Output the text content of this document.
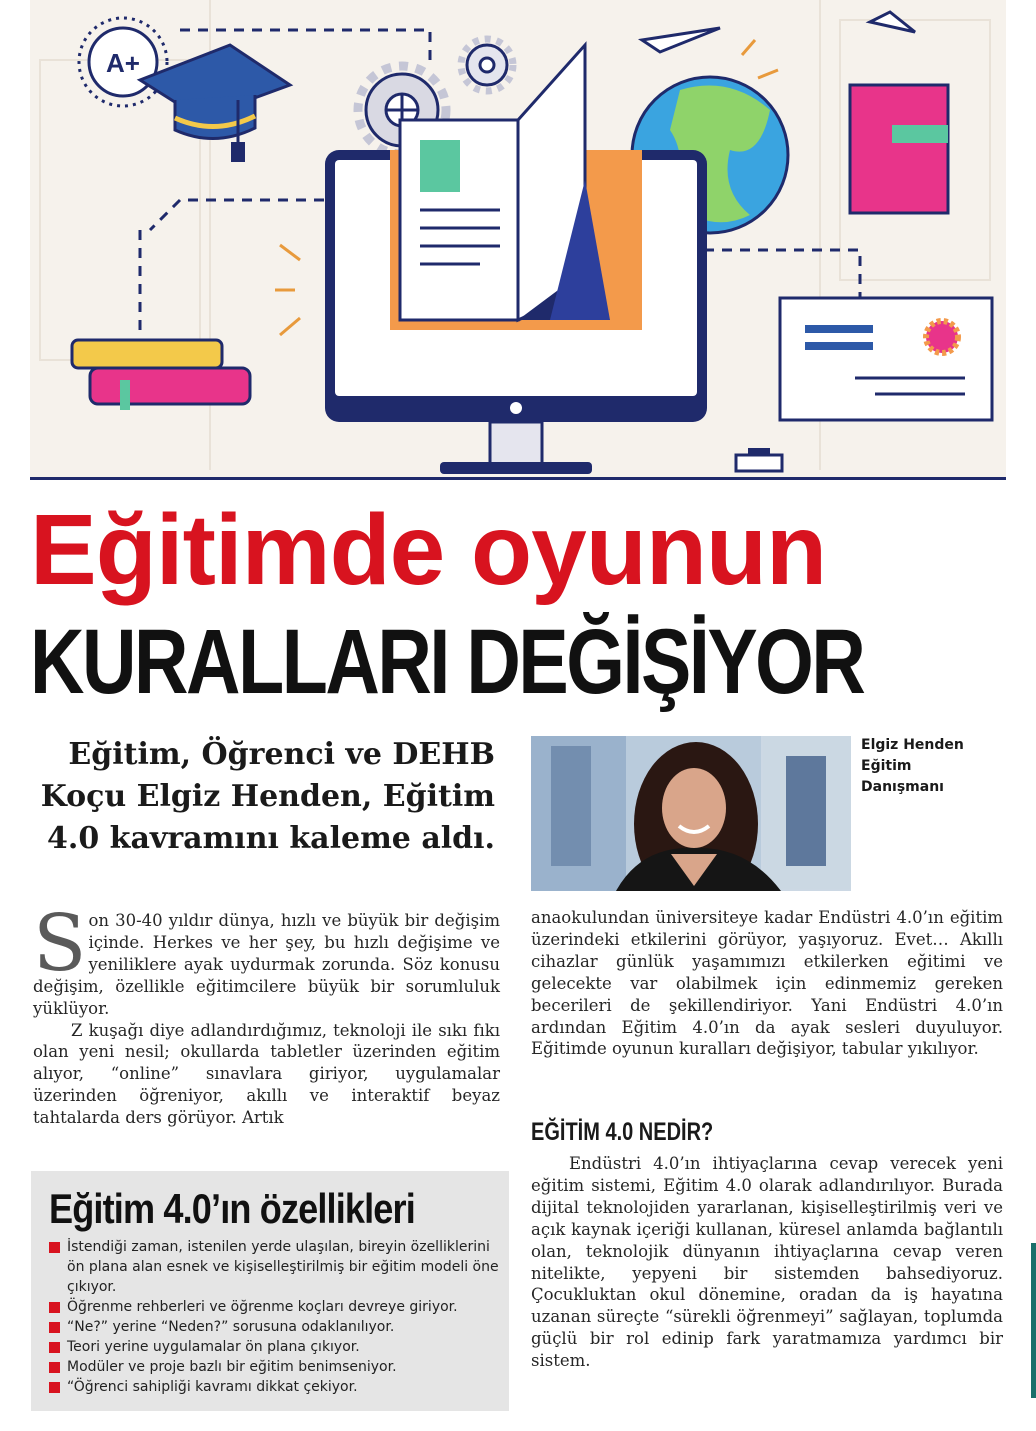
A+
Eğitimde oyunun
KURALLARI DEĞİŞİYOR

Eğitim, Öğrenci ve DEHB Koçu Elgiz Henden, Eğitim 4.0 kavramını kaleme aldı.

Elgiz Henden
Eğitim
Danışmanı

Son 30-40 yıldır dünya, hızlı ve büyük bir değişim içinde. Herkes ve her şey, bu hızlı değişime ve yeniliklere ayak uydurmak zorunda. Söz konusu değişim, özellikle eğitimcilere büyük bir sorumluluk yüklüyor.

Z kuşağı diye adlandırdığımız, teknoloji ile sıkı fıkı olan yeni nesil; okullarda tabletler üzerinden eğitim alıyor, “online” sınavlara giriyor, uygulamalar üzerinden öğreniyor, akıllı ve interaktif beyaz tahtalarda ders görüyor. Artık

Eğitim 4.0’ın özellikleri
İstendiği zaman, istenilen yerde ulaşılan, bireyin özelliklerini ön plana alan esnek ve kişiselleştirilmiş bir eğitim modeli öne çıkıyor.
Öğrenme rehberleri ve öğrenme koçları devreye giriyor.
“Ne?” yerine “Neden?” sorusuna odaklanılıyor.
Teori yerine uygulamalar ön plana çıkıyor.
Modüler ve proje bazlı bir eğitim benimseniyor.
“Öğrenci sahipliği kavramı dikkat çekiyor.

anaokulundan üniversiteye kadar Endüstri 4.0’ın eğitim üzerindeki etkilerini görüyor, yaşıyoruz. Evet… Akıllı cihazlar günlük yaşamımızı etkilerken eğitimi ve gelecekte var olabilmek için edinmemiz gereken becerileri de şekillendiriyor. Yani Endüstri 4.0’ın ardından Eğitim 4.0’ın da ayak sesleri duyuluyor. Eğitimde oyunun kuralları değişiyor, tabular yıkılıyor.

EĞİTİM 4.0 NEDİR?

Endüstri 4.0’ın ihtiyaçlarına cevap verecek yeni eğitim sistemi, Eğitim 4.0 olarak adlandırılıyor. Burada dijital teknolojiden yararlanan, kişiselleştirilmiş veri ve açık kaynak içeriği kullanan, küresel anlamda bağlantılı olan, teknolojik dünyanın ihtiyaçlarına cevap veren nitelikte, yepyeni bir sistemden bahsediyoruz. Çocukluktan okul dönemine, oradan da iş hayatına uzanan süreçte “sürekli öğrenmeyi” sağlayan, toplumda güçlü bir rol edinip fark yaratmamıza yardımcı bir sistem.
